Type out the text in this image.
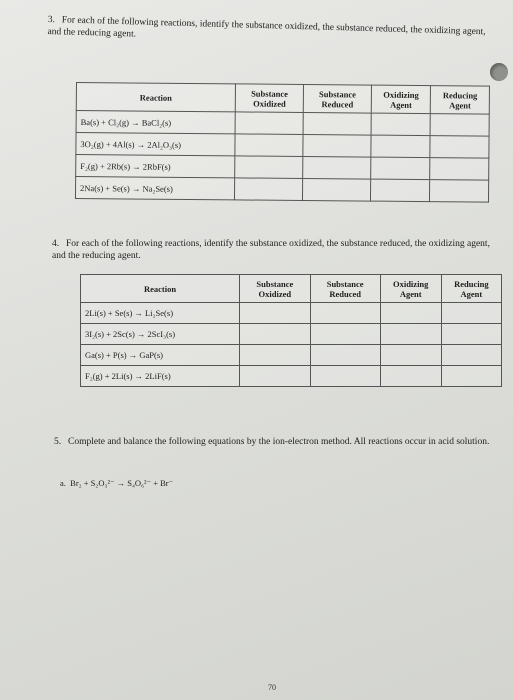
3. For each of the following reactions, identify the substance oxidized, the substance reduced, the oxidizing agent, and the reducing agent.
Reaction	Substance Oxidized	Substance Reduced	Oxidizing Agent	Reducing Agent
Ba(s) + Cl₂(g) → BaCl₂(s)				
3O₂(g) + 4Al(s) → 2Al₂O₃(s)				
F₂(g) + 2Rb(s) → 2RbF(s)				
2Na(s) + Se(s) → Na₂Se(s)				
4. For each of the following reactions, identify the substance oxidized, the substance reduced, the oxidizing agent, and the reducing agent.
Reaction	Substance Oxidized	Substance Reduced	Oxidizing Agent	Reducing Agent
2Li(s) + Se(s) → Li₂Se(s)				
3I₂(s) + 2Sc(s) → 2ScI₃(s)				
Ga(s) + P(s) → GaP(s)				
F₂(g) + 2Li(s) → 2LiF(s)				
5. Complete and balance the following equations by the ion-electron method. All reactions occur in acid solution.
a. Br₂ + S₂O₃²⁻ → S₄O₆²⁻ + Br⁻
70
